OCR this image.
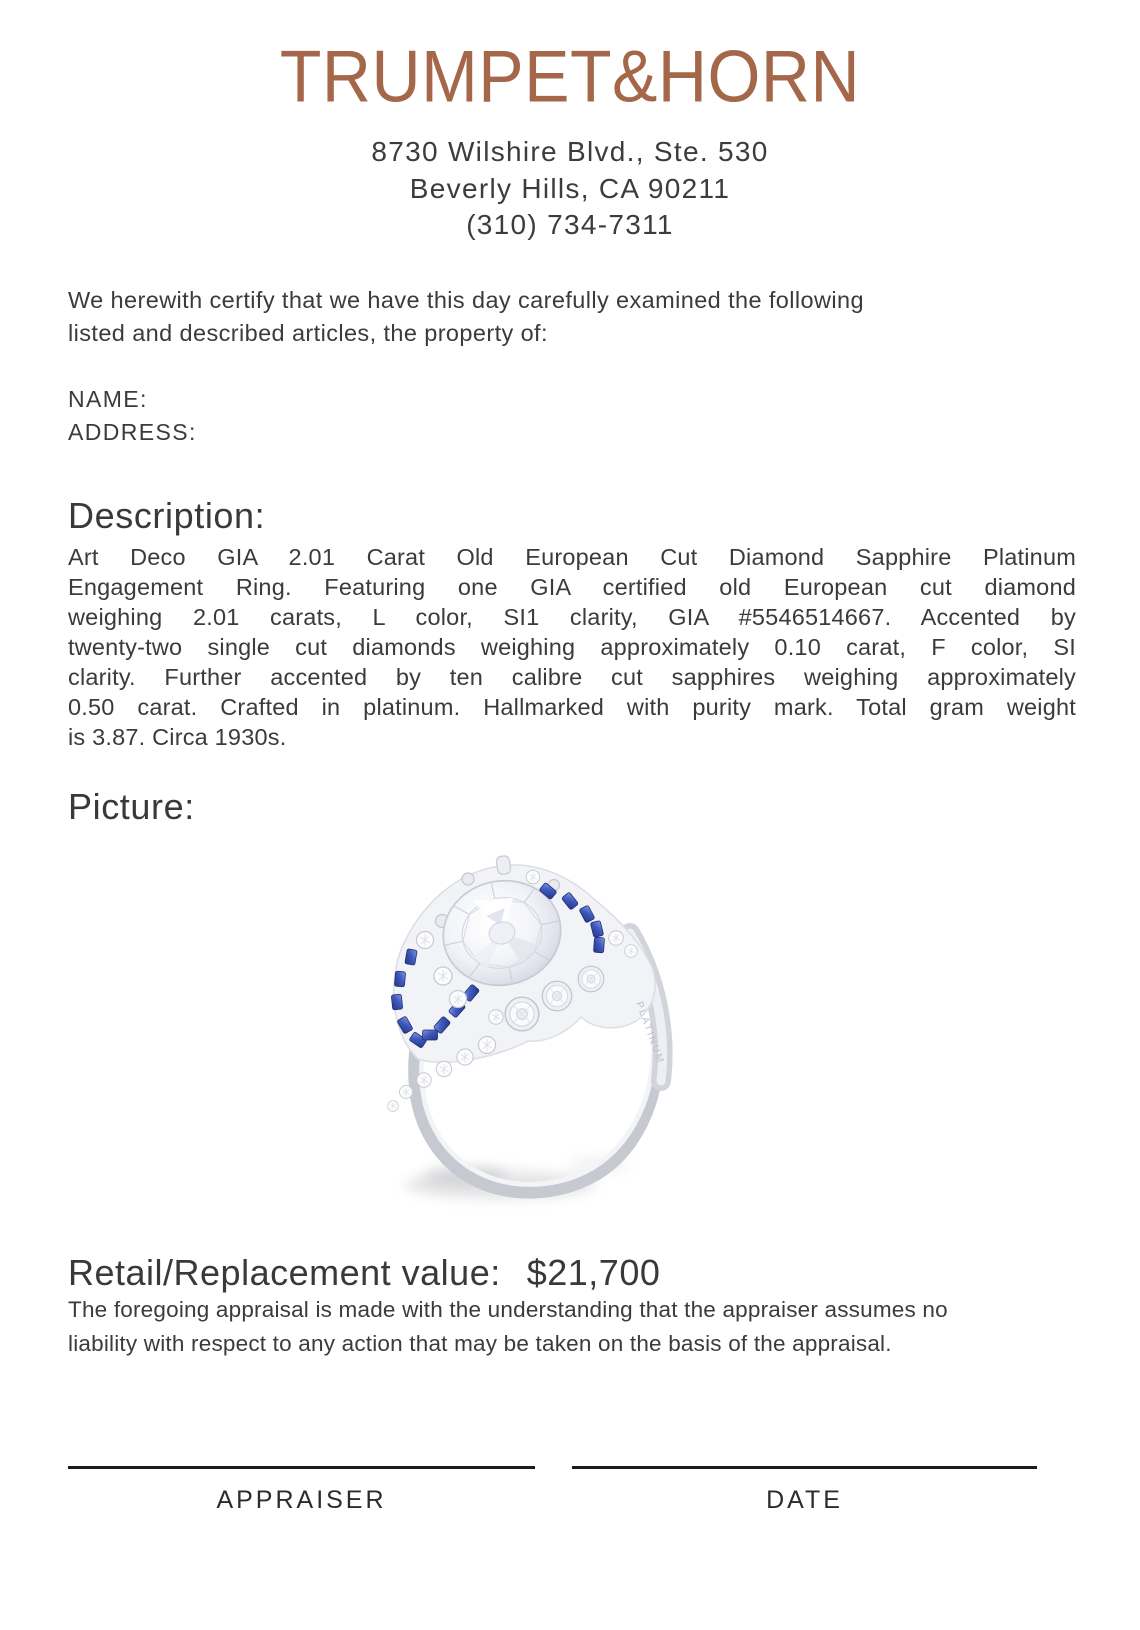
TRUMPET&HORN
8730 Wilshire Blvd., Ste. 530
Beverly Hills, CA 90211
(310) 734-7311
We herewith certify that we have this day carefully examined the following
listed and described articles, the property of:
NAME:
ADDRESS:
Description:
Art Deco GIA 2.01 Carat Old European Cut Diamond Sapphire Platinum
Engagement Ring. Featuring one GIA certified old European cut diamond
weighing 2.01 carats, L color, SI1 clarity, GIA #5546514667. Accented by
twenty-two single cut diamonds weighing approximately 0.10 carat, F color, SI
clarity. Further accented by ten calibre cut sapphires weighing approximately
0.50 carat. Crafted in platinum. Hallmarked with purity mark. Total gram weight
is 3.87. Circa 1930s.
Picture:
PLATINUM
Retail/Replacement value: $21,700
The foregoing appraisal is made with the understanding that the appraiser assumes no
liability with respect to any action that may be taken on the basis of the appraisal.
APPRAISER	DATE
